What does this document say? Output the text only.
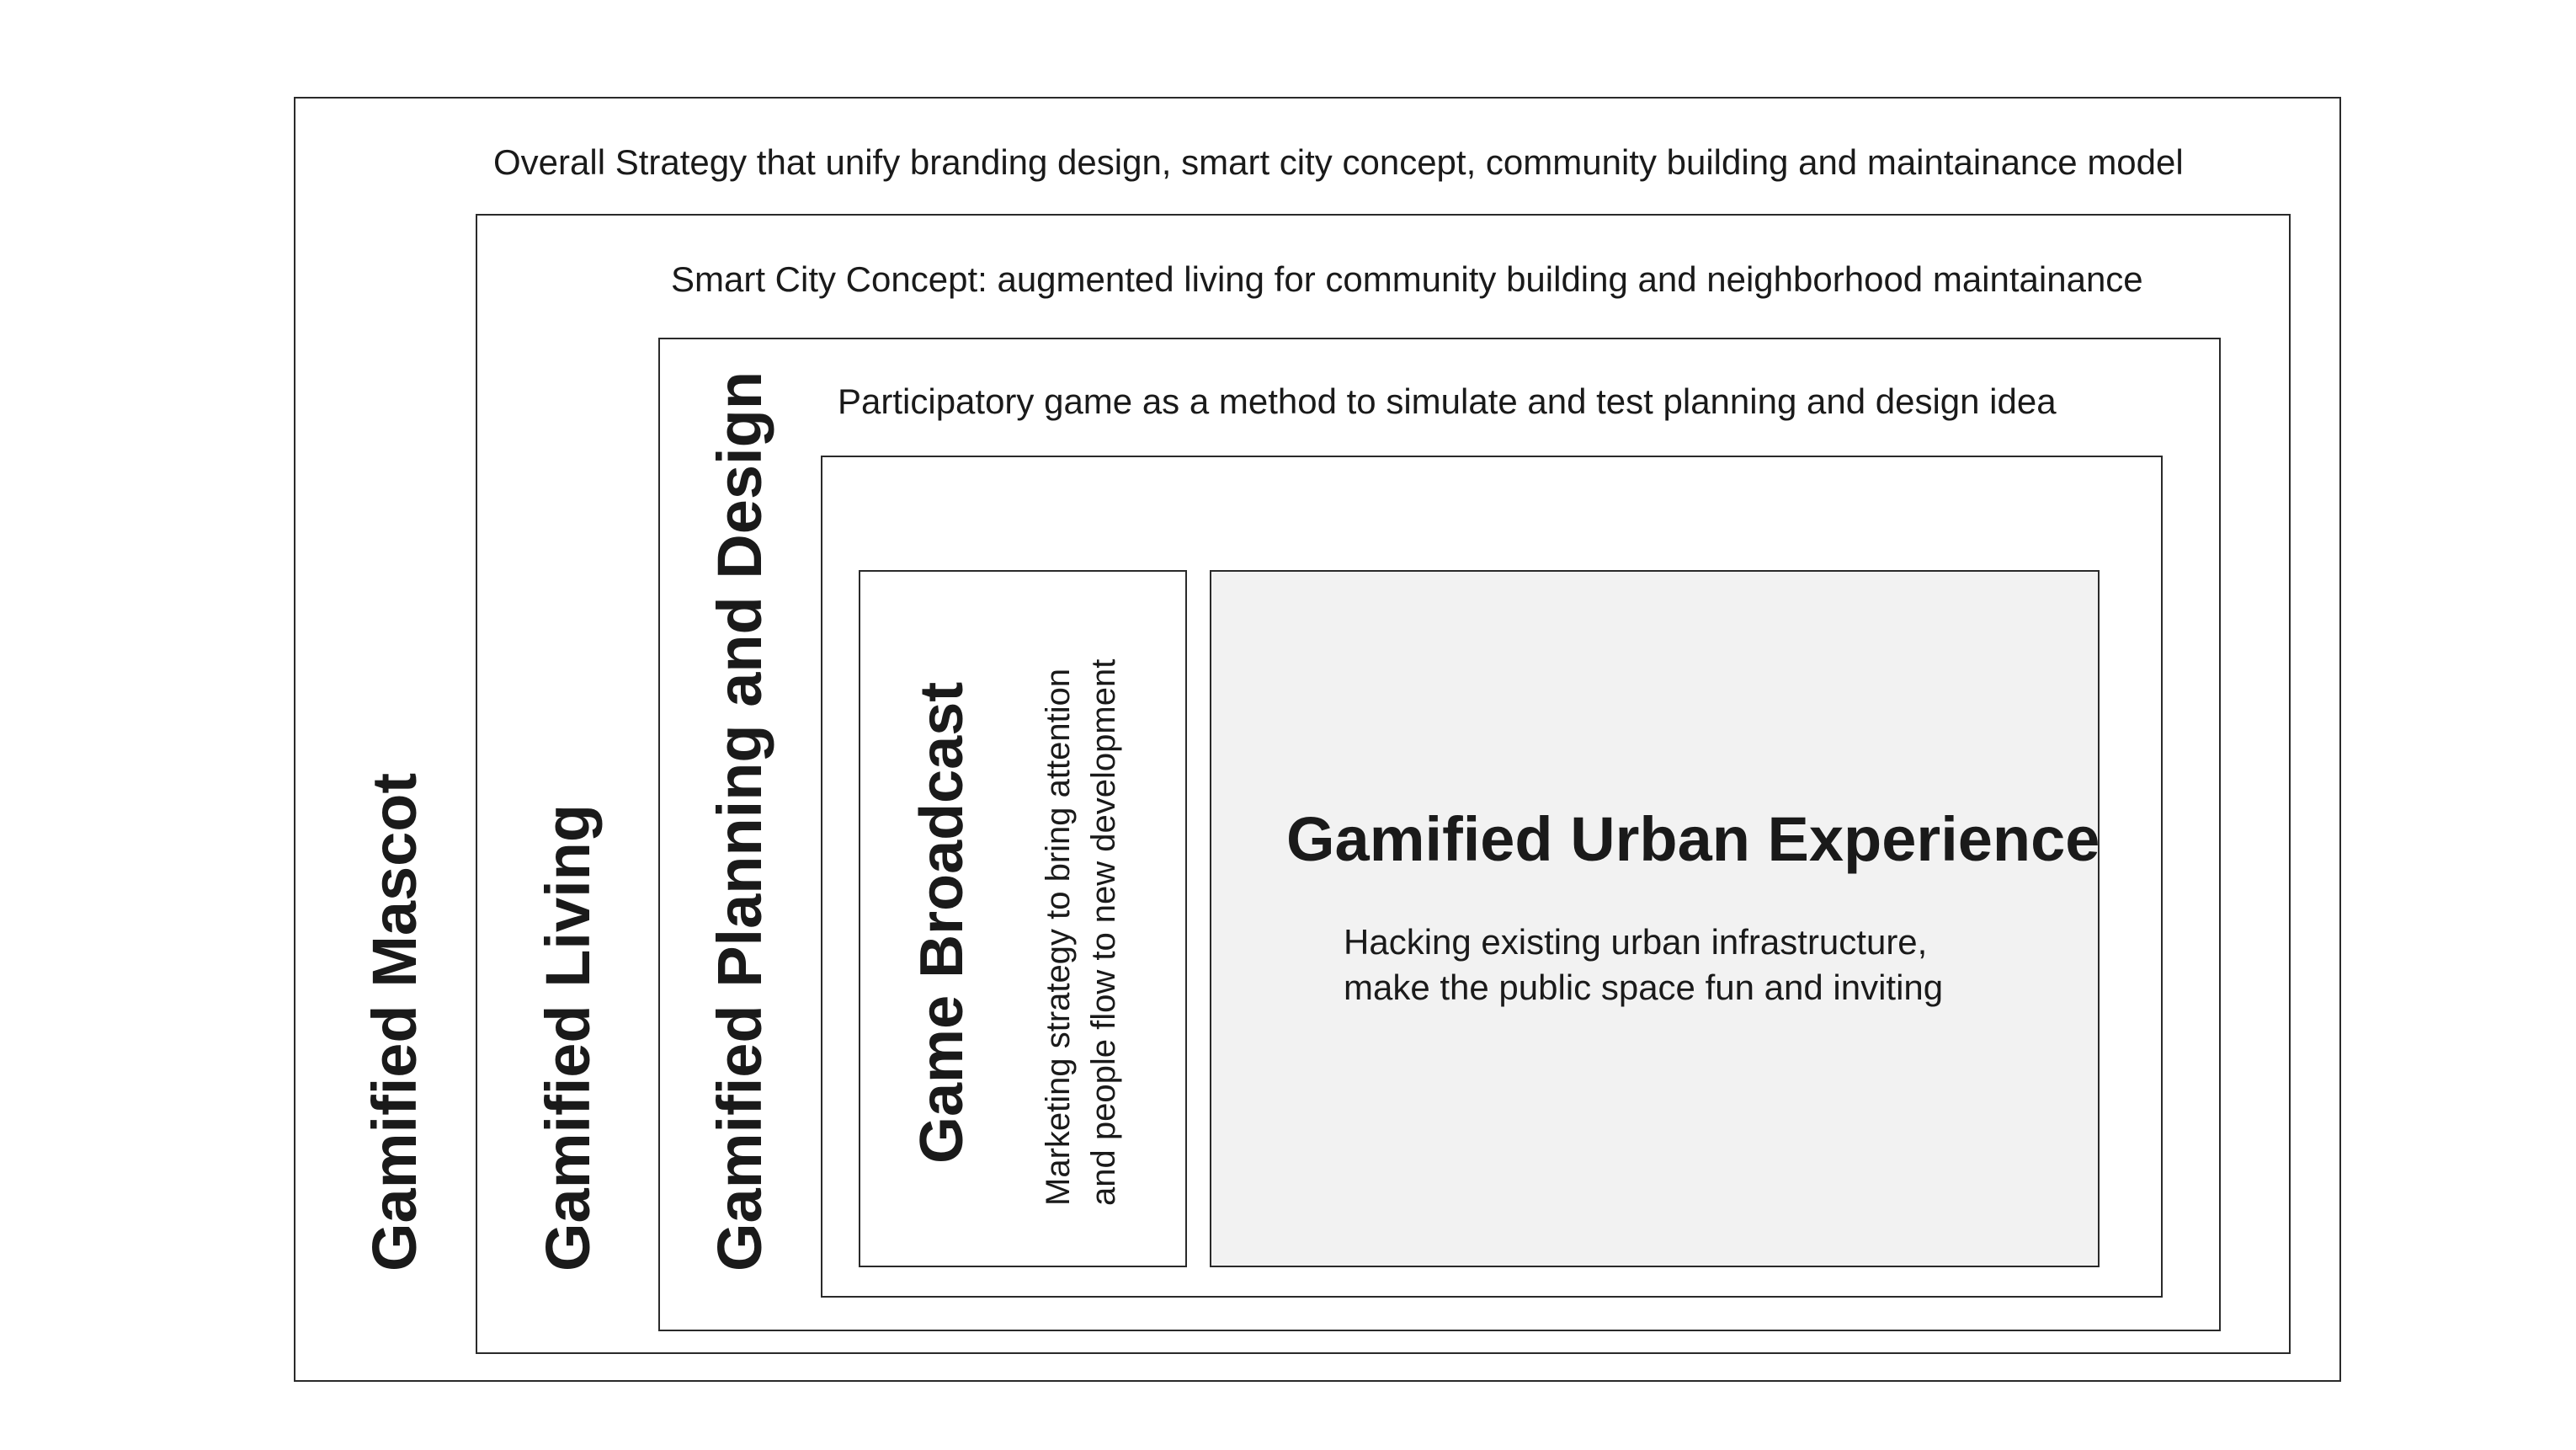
Overall Strategy that unify branding design, smart city concept, community building and maintainance model
Gamified Mascot
Smart City Concept: augmented living for community building and neighborhood maintainance
Gamified Living
Participatory game as a method to simulate and test planning and design idea
Gamified Planning and Design Game Broadcast Marketing strategy to bring attention and people flow to new development	Gamified Urban Experience
Hacking existing urban infrastructure,
make the public space fun and inviting
